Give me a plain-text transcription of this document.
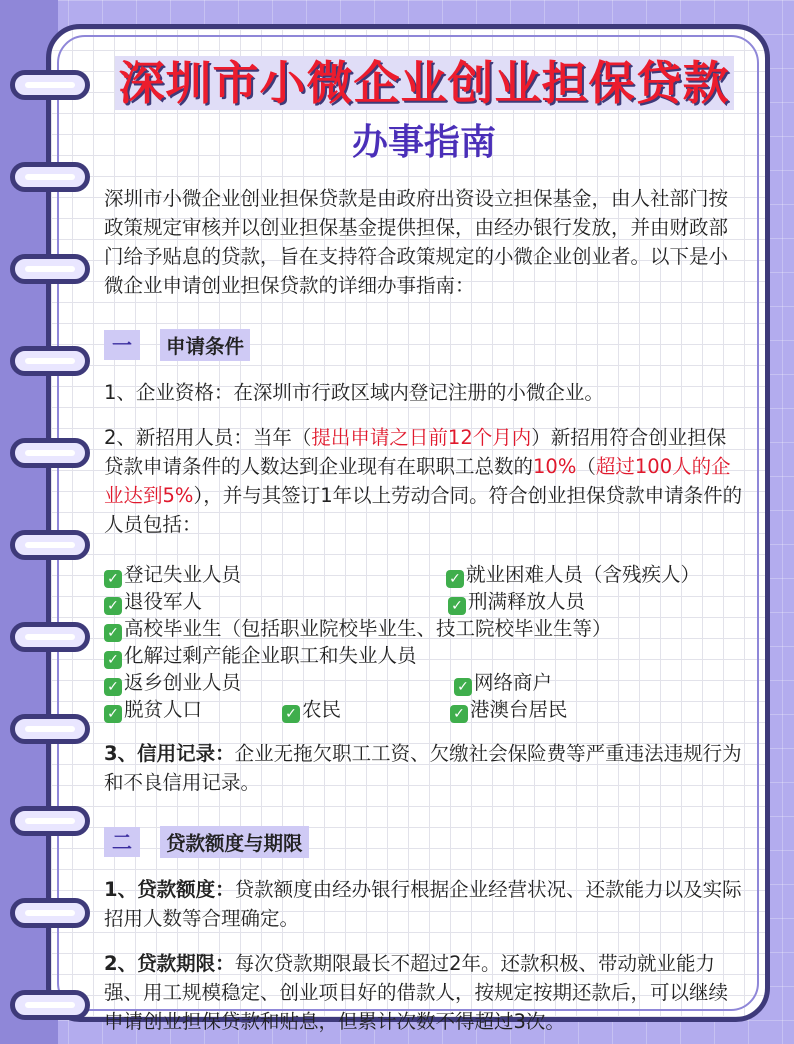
深圳市小微企业创业担保贷款
办事指南
深圳市小微企业创业担保贷款是由政府出资设立担保基金，由人社部门按政策规定审核并以创业担保基金提供担保，由经办银行发放，并由财政部门给予贴息的贷款，旨在支持符合政策规定的小微企业创业者。以下是小微企业申请创业担保贷款的详细办事指南：
一	申请条件
1、企业资格：在深圳市行政区域内登记注册的小微企业。
2、新招用人员：当年（提出申请之日前12个月内）新招用符合创业担保贷款申请条件的人数达到企业现有在职职工总数的10%（超过100人的企业达到5%），并与其签订1年以上劳动合同。符合创业担保贷款申请条件的人员包括：
✓ 登记失业人员	✓ 就业困难人员（含残疾人）
✓ 退役军人	✓ 刑满释放人员
✓ 高校毕业生（包括职业院校毕业生、技工院校毕业生等）
✓ 化解过剩产能企业职工和失业人员
✓ 返乡创业人员	✓ 网络商户
✓ 脱贫人口	✓ 农民	✓ 港澳台居民
3、信用记录：企业无拖欠职工工资、欠缴社会保险费等严重违法违规行为和不良信用记录。
二	贷款额度与期限
1、贷款额度：贷款额度由经办银行根据企业经营状况、还款能力以及实际招用人数等合理确定。
2、贷款期限：每次贷款期限最长不超过2年。还款积极、带动就业能力强、用工规模稳定、创业项目好的借款人，按规定按期还款后，可以继续申请创业担保贷款和贴息，但累计次数不得超过3次。
